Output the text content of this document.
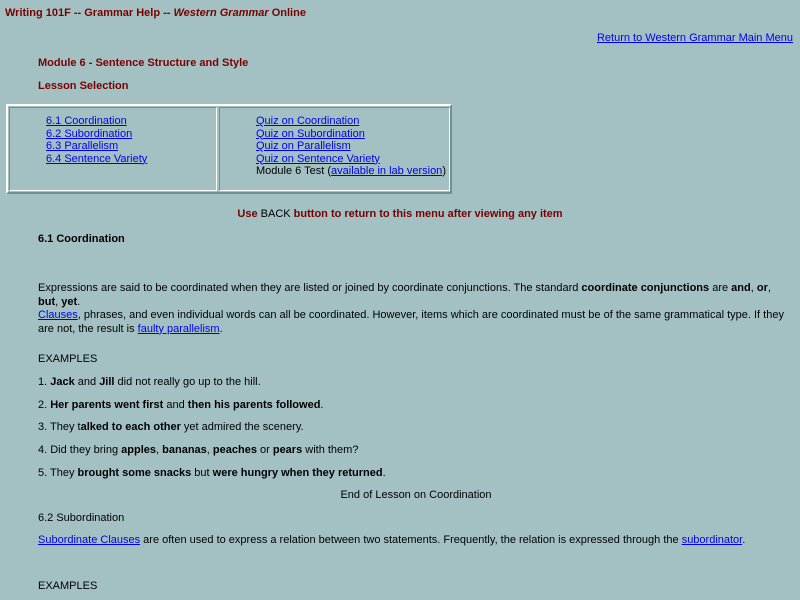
Writing 101F -- Grammar Help -- Western Grammar Online
Return to Western Grammar Main Menu
Module 6 - Sentence Structure and Style
Lesson Selection
6.1 Coordination
6.2 Subordination
6.3 Parallelism
6.4 Sentence Variety
Quiz on Coordination
Quiz on Subordination
Quiz on Parallelism
Quiz on Sentence Variety
Module 6 Test (available in lab version)
Use BACK button to return to this menu after viewing any item
6.1 Coordination
Expressions are said to be coordinated when they are listed or joined by coordinate conjunctions. The standard coordinate conjunctions are and, or, but, yet.
Clauses, phrases, and even individual words can all be coordinated. However, items which are coordinated must be of the same grammatical type. If they are not, the result is faulty parallelism.
EXAMPLES
1. Jack and Jill did not really go up to the hill.
2. Her parents went first and then his parents followed.
3. They talked to each other yet admired the scenery.
4. Did they bring apples, bananas, peaches or pears with them?
5. They brought some snacks but were hungry when they returned.
End of Lesson on Coordination
6.2 Subordination
Subordinate Clauses are often used to express a relation between two statements. Frequently, the relation is expressed through the subordinator.
EXAMPLES
